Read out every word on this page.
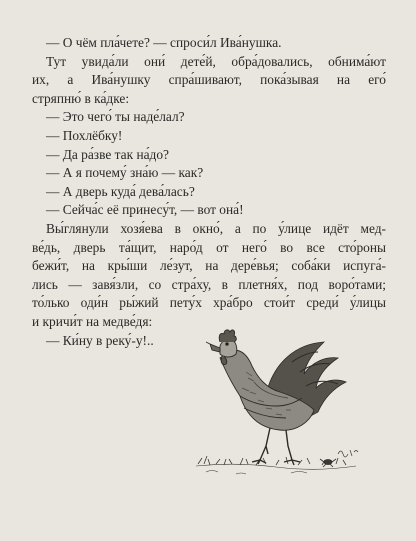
— О чём пла́чете? — спроси́л Ива́нушка.
Тут увида́ли они́ дете́й, обра́довались, обнима́ют
их, а Ива́нушку спра́шивают, пока́зывая на его́
стряпню́ в ка́дке:
— Это чего́ ты наде́лал?
— Похлёбку!
— Да ра́зве так на́до?
— А я почему́ зна́ю — как?
— А дверь куда́ дева́лась?
— Сейча́с её принесу́т, — вот она́!
Вы́глянули хозя́ева в окно́, а по у́лице идёт мед-
ве́дь, дверь та́щит, наро́д от него́ во все сто́роны
бежи́т, на кры́ши ле́зут, на дере́вья; соба́ки испуга́-
лись — завя́зли, со стра́ху, в плетня́х, под воро́тами;
то́лько оди́н ры́жий пету́х хра́бро стои́т среди́ у́лицы
и кричи́т на медве́дя:
— Ки́ну в реку́-у!..
